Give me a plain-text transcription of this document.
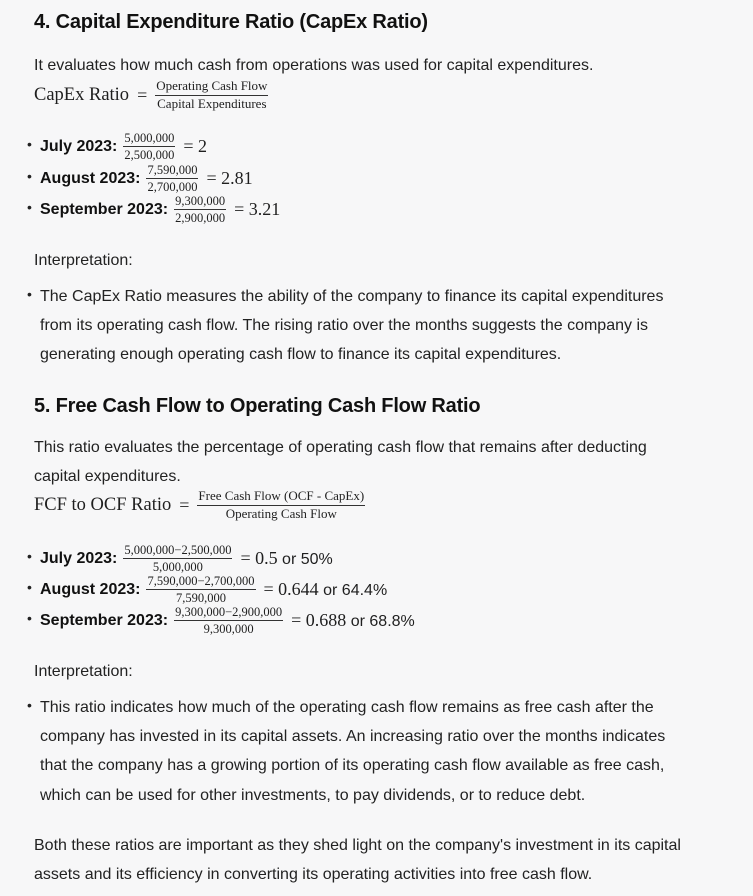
4. Capital Expenditure Ratio (CapEx Ratio)

It evaluates how much cash from operations was used for capital expenditures.

CapEx Ratio = $\frac{\text{Operating Cash Flow}}{\text{Capital Expenditures}}$
• July 2023: $\frac{5,000,000}{2,500,000} = 2$
• August 2023: $\frac{7,590,000}{2,700,000} = 2.81$
• September 2023: $\frac{9,300,000}{2,900,000} = 3.21$

Interpretation:

• The CapEx Ratio measures the ability of the company to finance its capital expenditures

from its operating cash flow. The rising ratio over the months suggests the company is

generating enough operating cash flow to finance its capital expenditures.

5. Free Cash Flow to Operating Cash Flow Ratio

This ratio evaluates the percentage of operating cash flow that remains after deducting

capital expenditures.

FCF to OCF Ratio = $\frac{\text{Free Cash Flow (OCF - CapEx)}}{\text{Operating Cash Flow}}$
• July 2023: $\frac{5,000,000-2,500,000}{5,000,000} = 0.5$ or 50%
• August 2023: $\frac{7,590,000-2,700,000}{7,590,000} = 0.644$ or 64.4%
• September 2023: $\frac{9,300,000-2,900,000}{9,300,000} = 0.688$ or 68.8%

Interpretation:

• This ratio indicates how much of the operating cash flow remains as free cash after the

company has invested in its capital assets. An increasing ratio over the months indicates

that the company has a growing portion of its operating cash flow available as free cash,

which can be used for other investments, to pay dividends, or to reduce debt.

Both these ratios are important as they shed light on the company's investment in its capital

assets and its efficiency in converting its operating activities into free cash flow.
